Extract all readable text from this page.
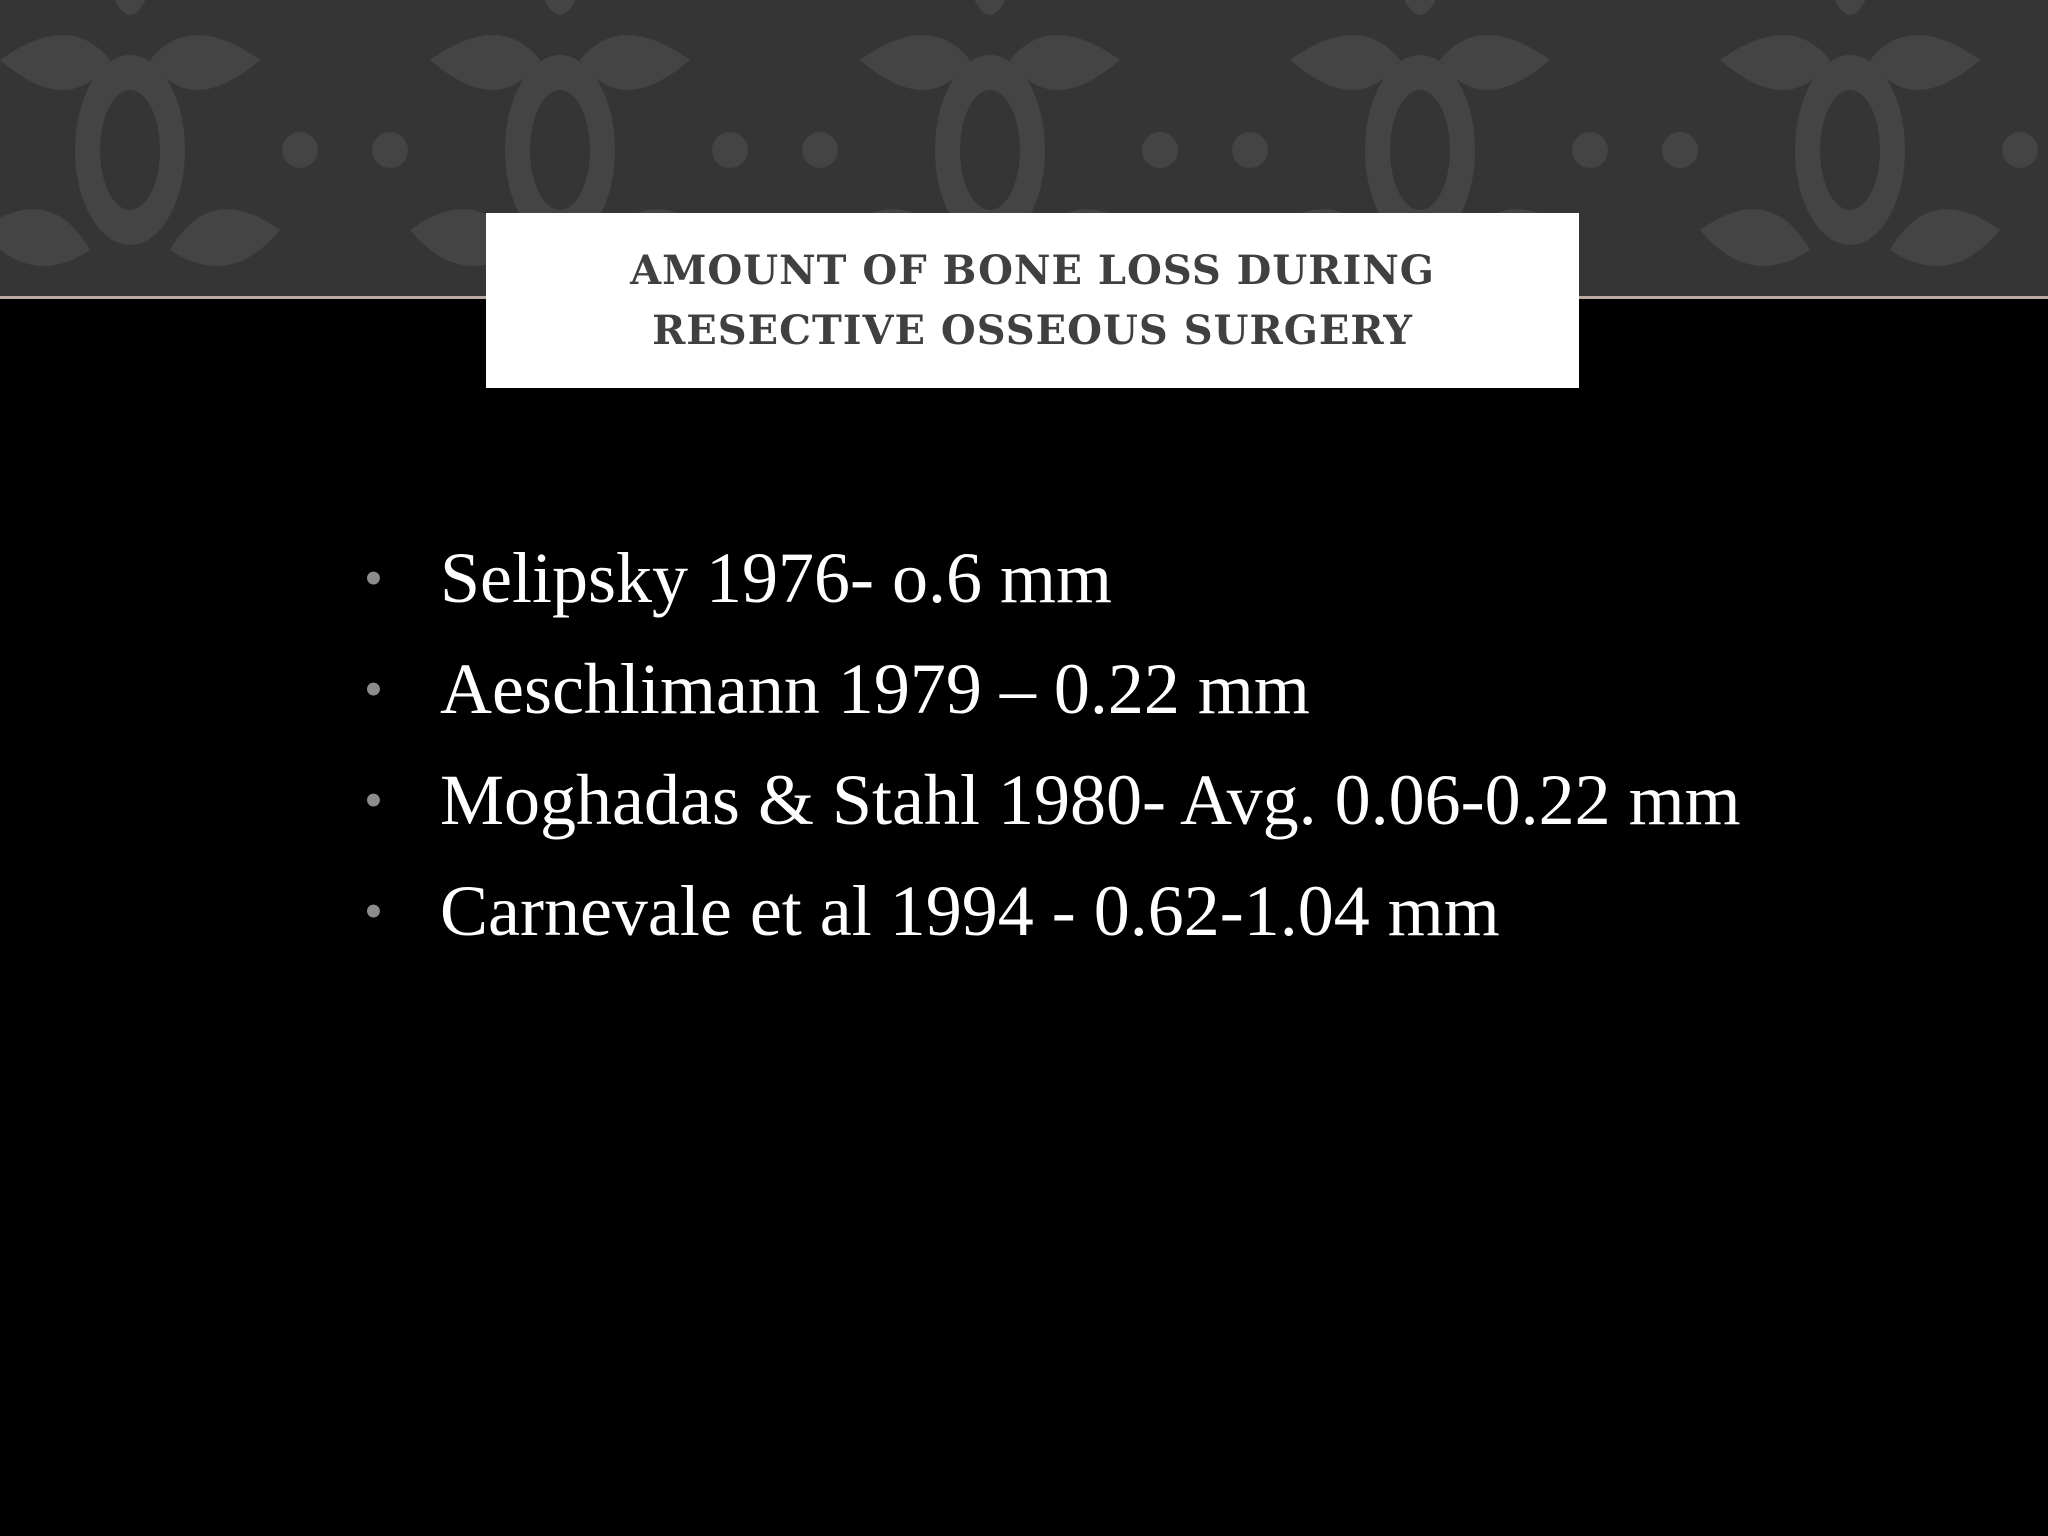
AMOUNT OF BONE LOSS DURING RESECTIVE OSSEOUS SURGERY
• Selipsky 1976- o.6 mm
• Aeschlimann 1979 – 0.22 mm
• Moghadas & Stahl 1980- Avg. 0.06-0.22 mm
• Carnevale et al 1994 - 0.62-1.04 mm
